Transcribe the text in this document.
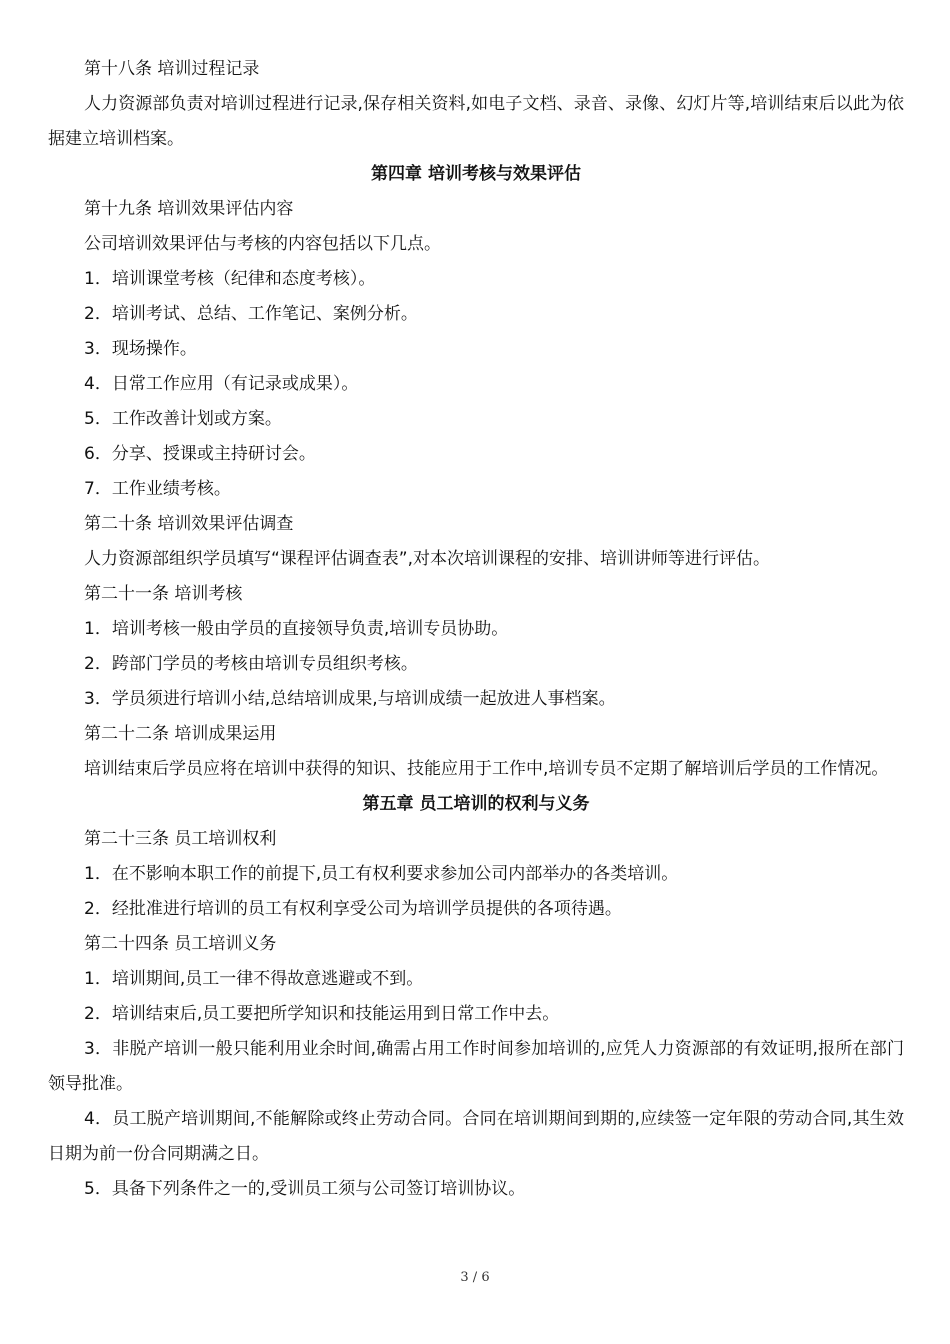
第十八条 培训过程记录

人力资源部负责对培训过程进行记录,保存相关资料,如电子文档、录音、录像、幻灯片等,培训结束后以此为依据建立培训档案。

第四章 培训考核与效果评估

第十九条 培训效果评估内容

公司培训效果评估与考核的内容包括以下几点。

1．培训课堂考核（纪律和态度考核）。

2．培训考试、总结、工作笔记、案例分析。

3．现场操作。

4．日常工作应用（有记录或成果）。

5．工作改善计划或方案。

6．分享、授课或主持研讨会。

7．工作业绩考核。

第二十条 培训效果评估调查

人力资源部组织学员填写“课程评估调查表”,对本次培训课程的安排、培训讲师等进行评估。

第二十一条 培训考核

1．培训考核一般由学员的直接领导负责,培训专员协助。

2．跨部门学员的考核由培训专员组织考核。

3．学员须进行培训小结,总结培训成果,与培训成绩一起放进人事档案。

第二十二条 培训成果运用

培训结束后学员应将在培训中获得的知识、技能应用于工作中,培训专员不定期了解培训后学员的工作情况。

第五章 员工培训的权利与义务

第二十三条 员工培训权利

1．在不影响本职工作的前提下,员工有权利要求参加公司内部举办的各类培训。

2．经批准进行培训的员工有权利享受公司为培训学员提供的各项待遇。

第二十四条 员工培训义务

1．培训期间,员工一律不得故意逃避或不到。

2．培训结束后,员工要把所学知识和技能运用到日常工作中去。

3．非脱产培训一般只能利用业余时间,确需占用工作时间参加培训的,应凭人力资源部的有效证明,报所在部门领导批准。

4．员工脱产培训期间,不能解除或终止劳动合同。合同在培训期间到期的,应续签一定年限的劳动合同,其生效日期为前一份合同期满之日。

5．具备下列条件之一的,受训员工须与公司签订培训协议。

3 / 6
